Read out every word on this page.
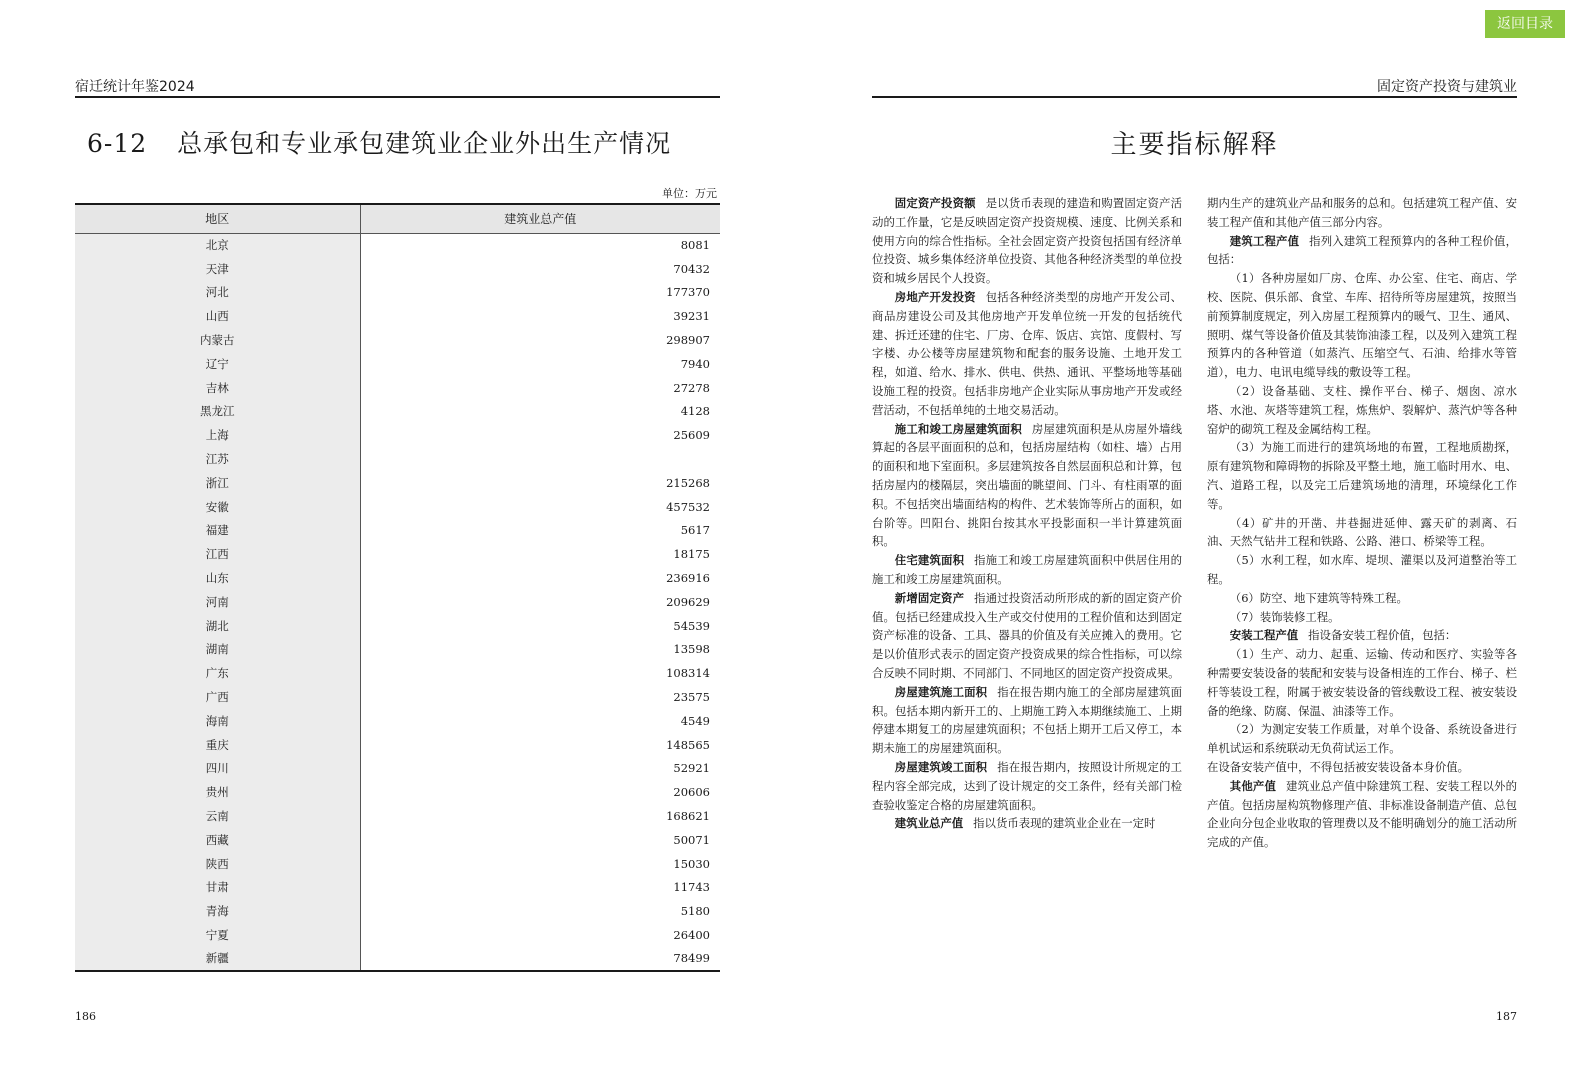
返回目录
宿迁统计年鉴2024
6-12 总承包和专业承包建筑业企业外出生产情况
单位：万元
地区	建筑业总产值
北京	8081
天津	70432
河北	177370
山西	39231
内蒙古	298907
辽宁	7940
吉林	27278
黑龙江	4128
上海	25609
江苏	
浙江	215268
安徽	457532
福建	5617
江西	18175
山东	236916
河南	209629
湖北	54539
湖南	13598
广东	108314
广西	23575
海南	4549
重庆	148565
四川	52921
贵州	20606
云南	168621
西藏	50071
陕西	15030
甘肃	11743
青海	5180
宁夏	26400
新疆	78499
186
固定资产投资与建筑业
主要指标解释

固定资产投资额 是以货币表现的建造和购置固定资产活动的工作量，它是反映固定资产投资规模、速度、比例关系和使用方向的综合性指标。全社会固定资产投资包括国有经济单位投资、城乡集体经济单位投资、其他各种经济类型的单位投资和城乡居民个人投资。

房地产开发投资 包括各种经济类型的房地产开发公司、商品房建设公司及其他房地产开发单位统一开发的包括统代建、拆迁还建的住宅、厂房、仓库、饭店、宾馆、度假村、写字楼、办公楼等房屋建筑物和配套的服务设施、土地开发工程，如道、给水、排水、供电、供热、通讯、平整场地等基础设施工程的投资。包括非房地产企业实际从事房地产开发或经营活动，不包括单纯的土地交易活动。

施工和竣工房屋建筑面积 房屋建筑面积是从房屋外墙线算起的各层平面面积的总和，包括房屋结构（如柱、墙）占用的面积和地下室面积。多层建筑按各自然层面积总和计算，包括房屋内的楼隔层，突出墙面的眺望间、门斗、有柱雨罩的面积。不包括突出墙面结构的构件、艺术装饰等所占的面积，如台阶等。凹阳台、挑阳台按其水平投影面积一半计算建筑面积。

住宅建筑面积 指施工和竣工房屋建筑面积中供居住用的施工和竣工房屋建筑面积。

新增固定资产 指通过投资活动所形成的新的固定资产价值。包括已经建成投入生产或交付使用的工程价值和达到固定资产标准的设备、工具、器具的价值及有关应摊入的费用。它是以价值形式表示的固定资产投资成果的综合性指标，可以综合反映不同时期、不同部门、不同地区的固定资产投资成果。

房屋建筑施工面积 指在报告期内施工的全部房屋建筑面积。包括本期内新开工的、上期施工跨入本期继续施工、上期停建本期复工的房屋建筑面积；不包括上期开工后又停工，本期未施工的房屋建筑面积。

房屋建筑竣工面积 指在报告期内，按照设计所规定的工程内容全部完成，达到了设计规定的交工条件，经有关部门检查验收鉴定合格的房屋建筑面积。

建筑业总产值 指以货币表现的建筑业企业在一定时

期内生产的建筑业产品和服务的总和。包括建筑工程产值、安装工程产值和其他产值三部分内容。

建筑工程产值 指列入建筑工程预算内的各种工程价值，包括：

（1）各种房屋如厂房、仓库、办公室、住宅、商店、学校、医院、俱乐部、食堂、车库、招待所等房屋建筑，按照当前预算制度规定，列入房屋工程预算内的暖气、卫生、通风、照明、煤气等设备价值及其装饰油漆工程，以及列入建筑工程预算内的各种管道（如蒸汽、压缩空气、石油、给排水等管道），电力、电讯电缆导线的敷设等工程。

（2）设备基础、支柱、操作平台、梯子、烟囱、凉水塔、水池、灰塔等建筑工程，炼焦炉、裂解炉、蒸汽炉等各种窑炉的砌筑工程及金属结构工程。

（3）为施工而进行的建筑场地的布置，工程地质勘探，原有建筑物和障碍物的拆除及平整土地，施工临时用水、电、汽、道路工程，以及完工后建筑场地的清理，环境绿化工作等。

（4）矿井的开凿、井巷掘进延伸、露天矿的剥离、石油、天然气钻井工程和铁路、公路、港口、桥梁等工程。

（5）水利工程，如水库、堤坝、灌渠以及河道整治等工程。

（6）防空、地下建筑等特殊工程。

（7）装饰装修工程。

安装工程产值 指设备安装工程价值，包括：

（1）生产、动力、起重、运输、传动和医疗、实验等各种需要安装设备的装配和安装与设备相连的工作台、梯子、栏杆等装设工程，附属于被安装设备的管线敷设工程、被安装设备的绝缘、防腐、保温、油漆等工作。

（2）为测定安装工作质量，对单个设备、系统设备进行单机试运和系统联动无负荷试运工作。

在设备安装产值中，不得包括被安装设备本身价值。

其他产值 建筑业总产值中除建筑工程、安装工程以外的产值。包括房屋构筑物修理产值、非标准设备制造产值、总包企业向分包企业收取的管理费以及不能明确划分的施工活动所完成的产值。

187
